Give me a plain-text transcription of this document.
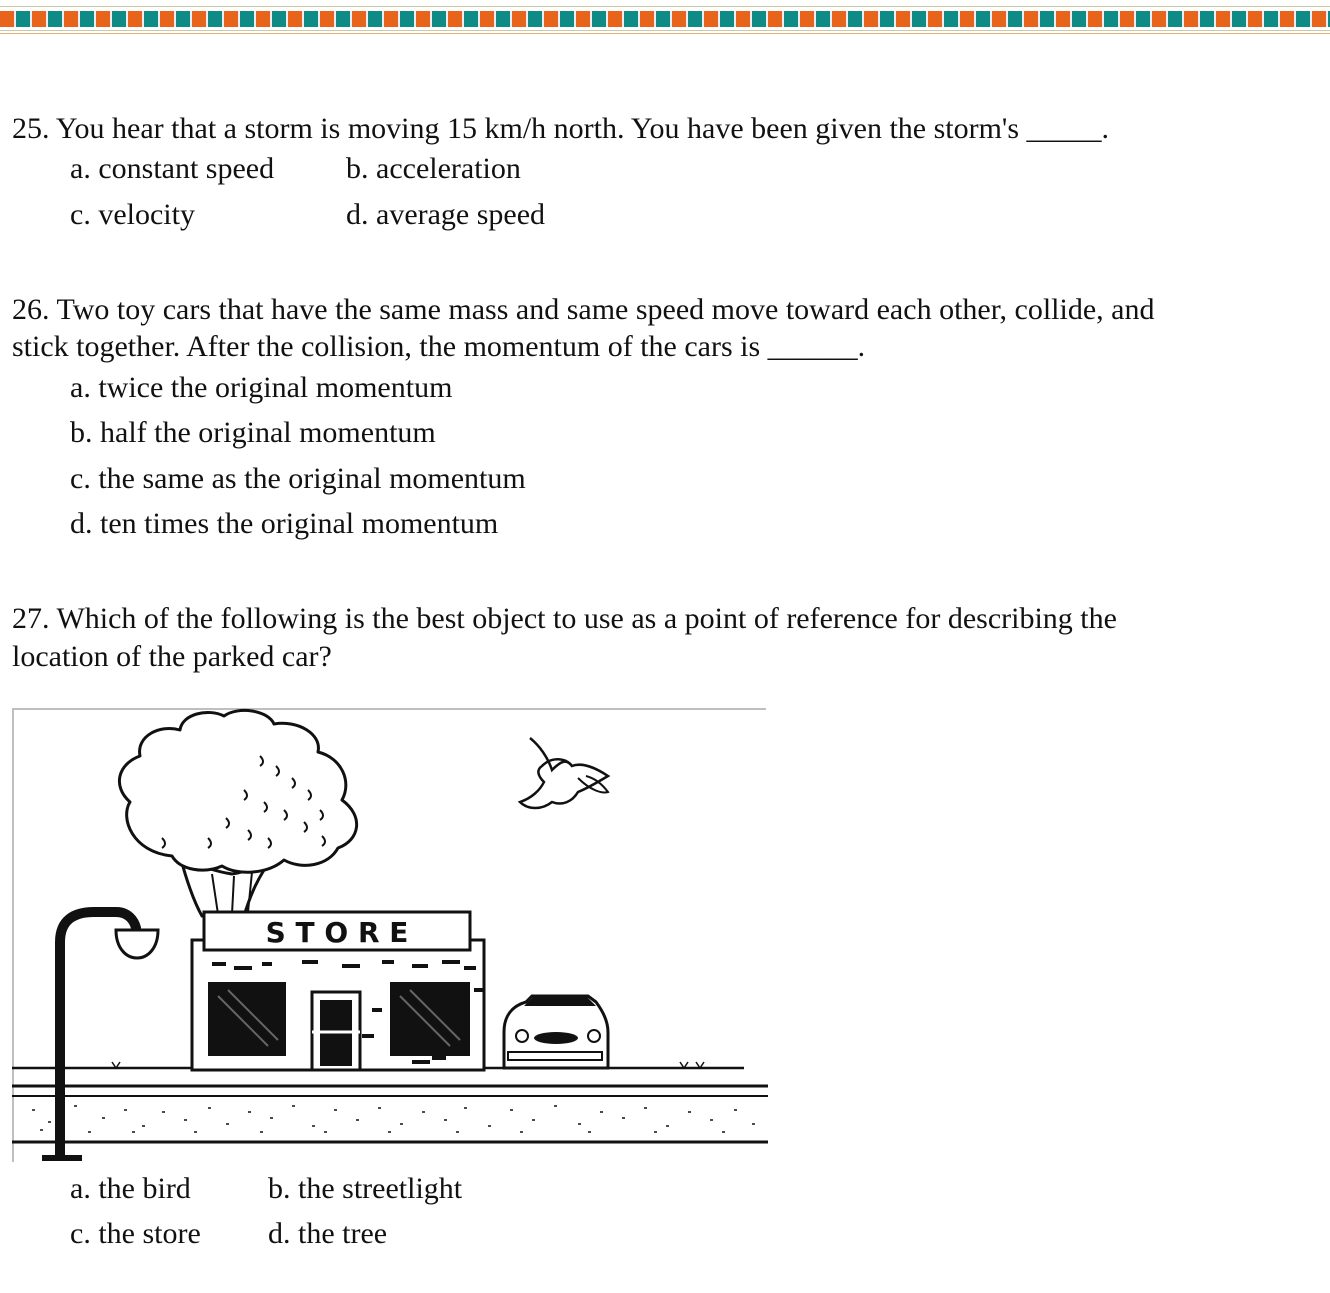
25. You hear that a storm is moving 15 km/h north. You have been given the storm's _____.
a. constant speed b. acceleration
c. velocity	d. average speed
26. Two toy cars that have the same mass and same speed move toward each other, collide, and
stick together. After the collision, the momentum of the cars is ______.
a. twice the original momentum
b. half the original momentum
c. the same as the original momentum
d. ten times the original momentum
27. Which of the following is the best object to use as a point of reference for describing the
location of the parked car?
S T O R E
a. the bird	b. the streetlight
c. the store d. the tree
